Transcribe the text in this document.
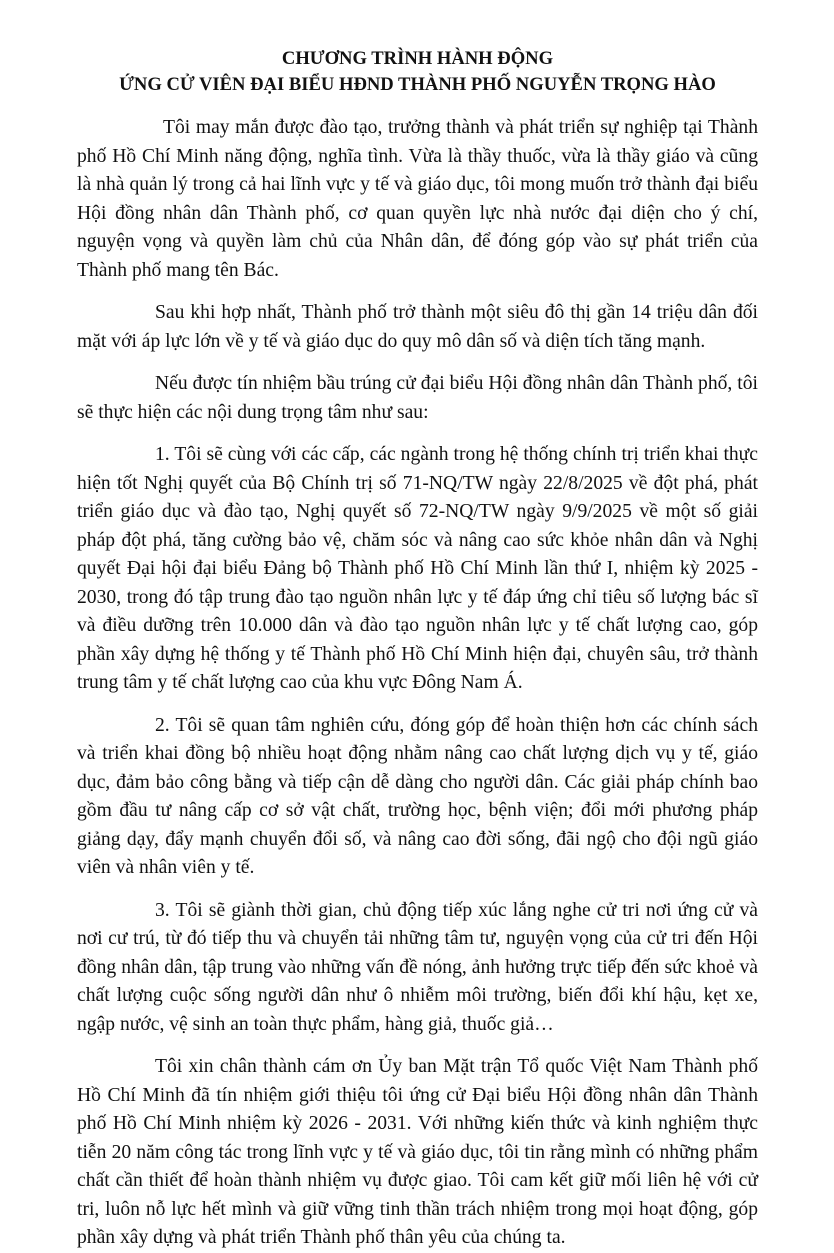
CHƯƠNG TRÌNH HÀNH ĐỘNG
ỨNG CỬ VIÊN ĐẠI BIỂU HĐND THÀNH PHỐ NGUYỄN TRỌNG HÀO

Tôi may mắn được đào tạo, trưởng thành và phát triển sự nghiệp tại Thành phố Hồ Chí Minh năng động, nghĩa tình. Vừa là thầy thuốc, vừa là thầy giáo và cũng là nhà quản lý trong cả hai lĩnh vực y tế và giáo dục, tôi mong muốn trở thành đại biểu Hội đồng nhân dân Thành phố, cơ quan quyền lực nhà nước đại diện cho ý chí, nguyện vọng và quyền làm chủ của Nhân dân, để đóng góp vào sự phát triển của Thành phố mang tên Bác.

Sau khi hợp nhất, Thành phố trở thành một siêu đô thị gần 14 triệu dân đối mặt với áp lực lớn về y tế và giáo dục do quy mô dân số và diện tích tăng mạnh.

Nếu được tín nhiệm bầu trúng cử đại biểu Hội đồng nhân dân Thành phố, tôi sẽ thực hiện các nội dung trọng tâm như sau:

1. Tôi sẽ cùng với các cấp, các ngành trong hệ thống chính trị triển khai thực hiện tốt Nghị quyết của Bộ Chính trị số 71-NQ/TW ngày 22/8/2025 về đột phá, phát triển giáo dục và đào tạo, Nghị quyết số 72-NQ/TW ngày 9/9/2025 về một số giải pháp đột phá, tăng cường bảo vệ, chăm sóc và nâng cao sức khỏe nhân dân và Nghị quyết Đại hội đại biểu Đảng bộ Thành phố Hồ Chí Minh lần thứ I, nhiệm kỳ 2025 - 2030, trong đó tập trung đào tạo nguồn nhân lực y tế đáp ứng chỉ tiêu số lượng bác sĩ và điều dưỡng trên 10.000 dân và đào tạo nguồn nhân lực y tế chất lượng cao, góp phần xây dựng hệ thống y tế Thành phố Hồ Chí Minh hiện đại, chuyên sâu, trở thành trung tâm y tế chất lượng cao của khu vực Đông Nam Á.

2. Tôi sẽ quan tâm nghiên cứu, đóng góp để hoàn thiện hơn các chính sách và triển khai đồng bộ nhiều hoạt động nhằm nâng cao chất lượng dịch vụ y tế, giáo dục, đảm bảo công bằng và tiếp cận dễ dàng cho người dân. Các giải pháp chính bao gồm đầu tư nâng cấp cơ sở vật chất, trường học, bệnh viện; đổi mới phương pháp giảng dạy, đẩy mạnh chuyển đổi số, và nâng cao đời sống, đãi ngộ cho đội ngũ giáo viên và nhân viên y tế.

3. Tôi sẽ giành thời gian, chủ động tiếp xúc lắng nghe cử tri nơi ứng cử và nơi cư trú, từ đó tiếp thu và chuyển tải những tâm tư, nguyện vọng của cử tri đến Hội đồng nhân dân, tập trung vào những vấn đề nóng, ảnh hưởng trực tiếp đến sức khoẻ và chất lượng cuộc sống người dân như ô nhiễm môi trường, biến đổi khí hậu, kẹt xe, ngập nước, vệ sinh an toàn thực phẩm, hàng giả, thuốc giả…

Tôi xin chân thành cám ơn Ủy ban Mặt trận Tổ quốc Việt Nam Thành phố Hồ Chí Minh đã tín nhiệm giới thiệu tôi ứng cử Đại biểu Hội đồng nhân dân Thành phố Hồ Chí Minh nhiệm kỳ 2026 - 2031. Với những kiến thức và kinh nghiệm thực tiễn 20 năm công tác trong lĩnh vực y tế và giáo dục, tôi tin rằng mình có những phẩm chất cần thiết để hoàn thành nhiệm vụ được giao. Tôi cam kết giữ mối liên hệ với cử tri, luôn nỗ lực hết mình và giữ vững tinh thần trách nhiệm trong mọi hoạt động, góp phần xây dựng và phát triển Thành phố thân yêu của chúng ta.
